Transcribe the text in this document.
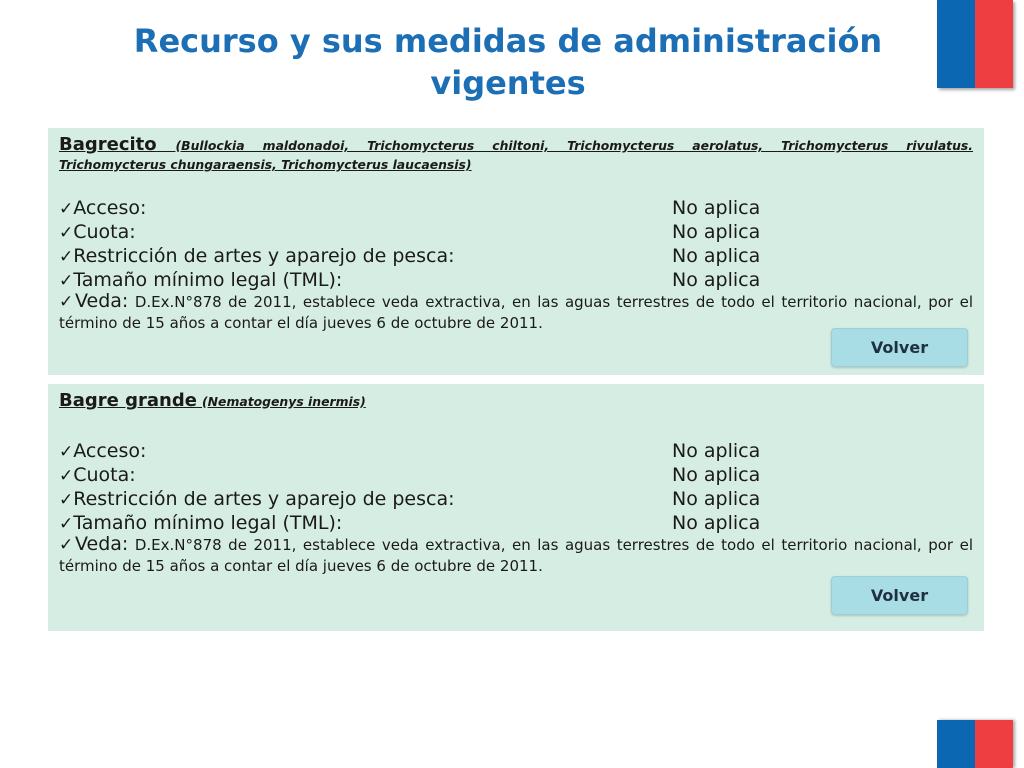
Recurso y sus medidas de administración vigentes
Bagrecito (Bullockia maldonadoi, Trichomycterus chiltoni, Trichomycterus aerolatus, Trichomycterus rivulatus.
Trichomycterus chungaraensis, Trichomycterus laucaensis)
✓Acceso:	No aplica
✓Cuota:	No aplica
✓Restricción de artes y aparejo de pesca:	No aplica
✓Tamaño mínimo legal (TML):	No aplica
✓Veda: D.Ex.N°878 de 2011, establece veda extractiva, en las aguas terrestres de todo el territorio nacional, por el término de 15 años a contar el día jueves 6 de octubre de 2011.
Volver
Bagre grande (Nematogenys inermis)
✓Acceso:	No aplica
✓Cuota:	No aplica
✓Restricción de artes y aparejo de pesca:	No aplica
✓Tamaño mínimo legal (TML):	No aplica
✓Veda: D.Ex.N°878 de 2011, establece veda extractiva, en las aguas terrestres de todo el territorio nacional, por el término de 15 años a contar el día jueves 6 de octubre de 2011.
Volver
